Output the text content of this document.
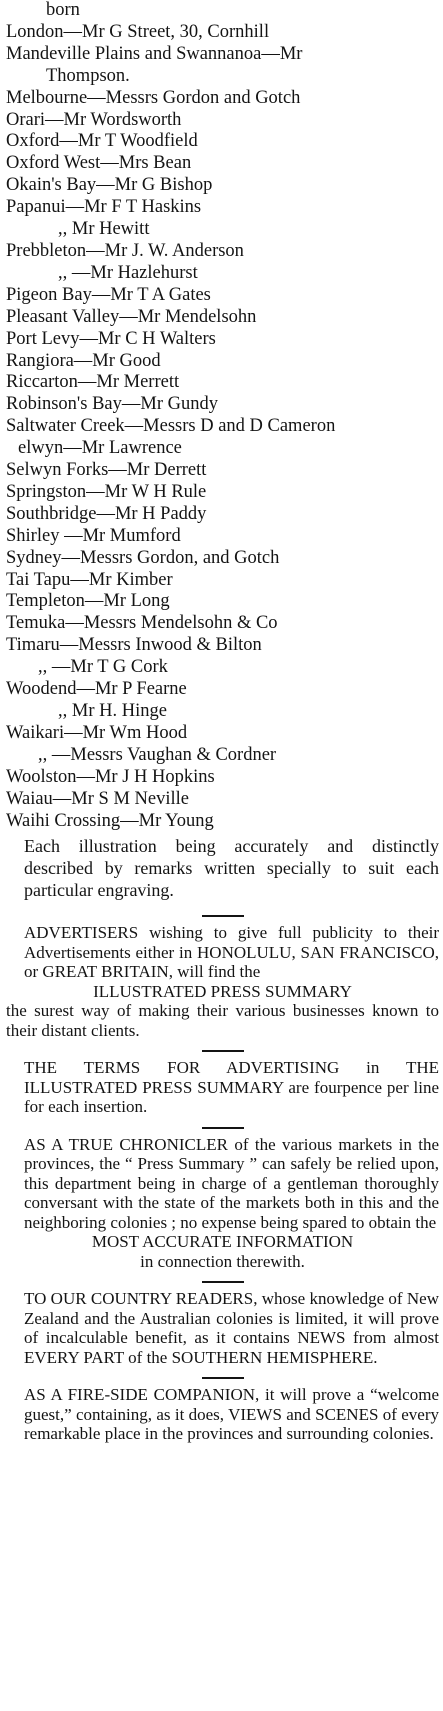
born
London—Mr G Street, 30, Cornhill
Mandeville Plains and Swannanoa—Mr
Thompson.
Melbourne—Messrs Gordon and Gotch
Orari—Mr Wordsworth
Oxford—Mr T Woodfield
Oxford West—Mrs Bean
Okain's Bay—Mr G Bishop
Papanui—Mr F T Haskins
,, Mr Hewitt
Prebbleton—Mr J. W. Anderson
,, —Mr Hazlehurst
Pigeon Bay—Mr T A Gates
Pleasant Valley—Mr Mendelsohn
Port Levy—Mr C H Walters
Rangiora—Mr Good
Riccarton—Mr Merrett
Robinson's Bay—Mr Gundy
Saltwater Creek—Messrs D and D Cameron
elwyn—Mr Lawrence
Selwyn Forks—Mr Derrett
Springston—Mr W H Rule
Southbridge—Mr H Paddy
Shirley —Mr Mumford
Sydney—Messrs Gordon, and Gotch
Tai Tapu—Mr Kimber
Templeton—Mr Long
Temuka—Messrs Mendelsohn & Co
Timaru—Messrs Inwood & Bilton
,, —Mr T G Cork
Woodend—Mr P Fearne
,, Mr H. Hinge
Waikari—Mr Wm Hood
,, —Messrs Vaughan & Cordner
Woolston—Mr J H Hopkins
Waiau—Mr S M Neville
Waihi Crossing—Mr Young
Each illustration being accurately and distinctly described by remarks written specially to suit each particular engraving.
ADVERTISERS wishing to give full publicity to their Advertisements either in HONOLULU, SAN FRANCISCO, or GREAT BRITAIN, will find the
ILLUSTRATED PRESS SUMMARY
the surest way of making their various businesses known to their distant clients.
THE TERMS FOR ADVERTISING in THE ILLUSTRATED PRESS SUMMARY are fourpence per line for each insertion.
AS A TRUE CHRONICLER of the various markets in the provinces, the “ Press Summary ” can safely be relied upon, this department being in charge of a gentleman thoroughly conversant with the state of the markets both in this and the neighboring colonies ; no expense being spared to obtain the
MOST ACCURATE INFORMATION
in connection therewith.
TO OUR COUNTRY READERS, whose knowledge of New Zealand and the Australian colonies is limited, it will prove of incalculable benefit, as it contains NEWS from almost EVERY PART of the SOUTHERN HEMISPHERE.
AS A FIRE-SIDE COMPANION, it will prove a “welcome guest,” containing, as it does, VIEWS and SCENES of every remarkable place in the provinces and surrounding colonies.
